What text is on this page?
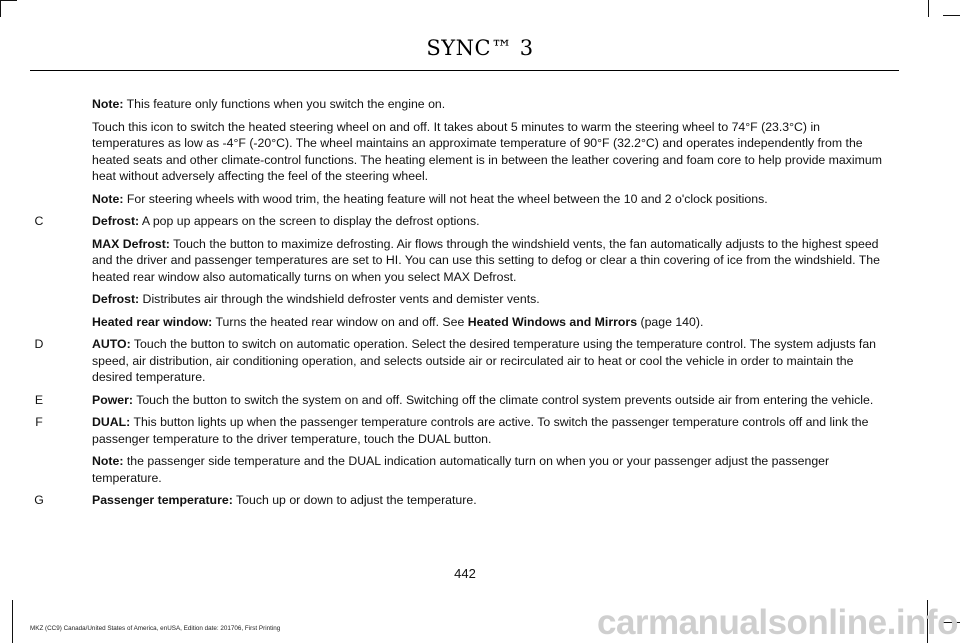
SYNC™ 3
Note: This feature only functions when you switch the engine on.
Touch this icon to switch the heated steering wheel on and off. It takes about 5 minutes to warm the steering wheel to 74°F (23.3°C) in temperatures as low as -4°F (-20°C). The wheel maintains an approximate temperature of 90°F (32.2°C) and operates independently from the heated seats and other climate-control functions. The heating element is in between the leather covering and foam core to help provide maximum heat without adversely affecting the feel of the steering wheel.
Note: For steering wheels with wood trim, the heating feature will not heat the wheel between the 10 and 2 o'clock positions.
C	Defrost: A pop up appears on the screen to display the defrost options.
MAX Defrost: Touch the button to maximize defrosting. Air flows through the windshield vents, the fan automatically adjusts to the highest speed and the driver and passenger temperatures are set to HI. You can use this setting to defog or clear a thin covering of ice from the windshield. The heated rear window also automatically turns on when you select MAX Defrost.
Defrost: Distributes air through the windshield defroster vents and demister vents.
Heated rear window: Turns the heated rear window on and off. See Heated Windows and Mirrors (page 140).
D	AUTO: Touch the button to switch on automatic operation. Select the desired temperature using the temperature control. The system adjusts fan speed, air distribution, air conditioning operation, and selects outside air or recirculated air to heat or cool the vehicle in order to maintain the desired temperature.
E	Power: Touch the button to switch the system on and off. Switching off the climate control system prevents outside air from entering the vehicle.
F	DUAL: This button lights up when the passenger temperature controls are active. To switch the passenger temperature controls off and link the passenger temperature to the driver temperature, touch the DUAL button.
Note: the passenger side temperature and the DUAL indication automatically turn on when you or your passenger adjust the passenger temperature.
G	Passenger temperature: Touch up or down to adjust the temperature.
442
MKZ (CC9) Canada/United States of America, enUSA, Edition date: 201706, First Printing	carmanualsonline.info
